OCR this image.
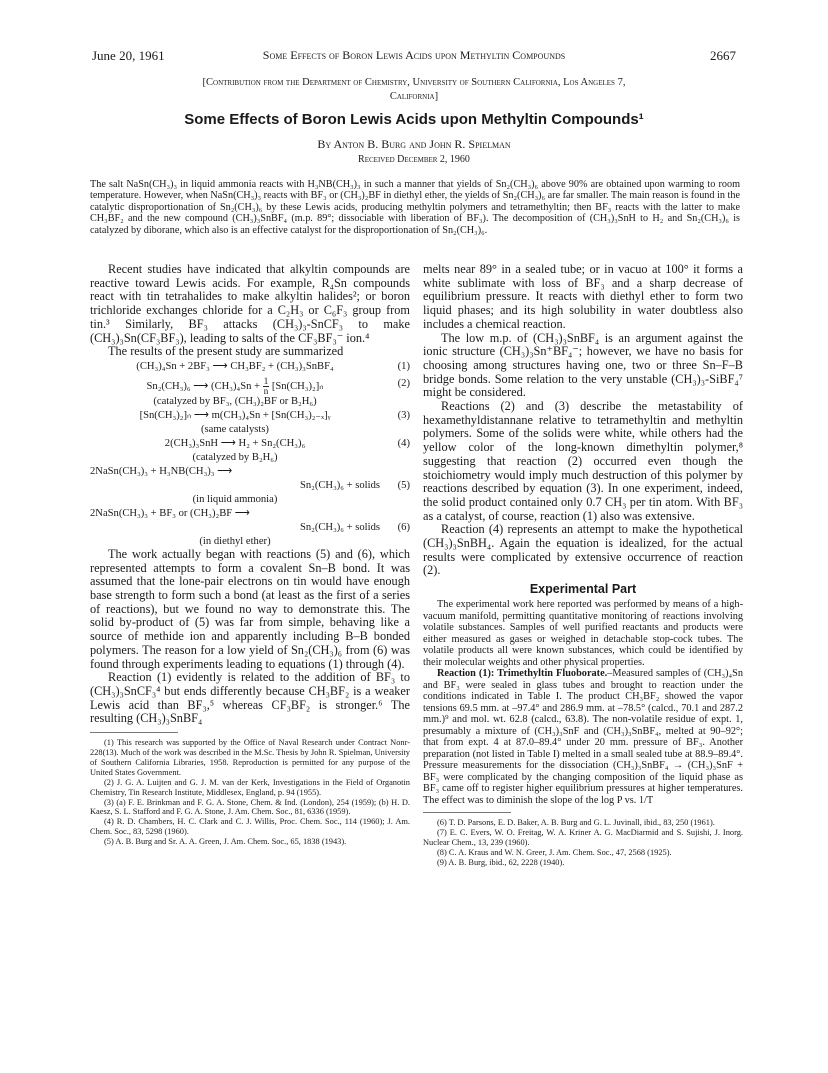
June 20, 1961	Some Effects of Boron Lewis Acids upon Methyltin Compounds	2667
[Contribution from the Department of Chemistry, University of Southern California, Los Angeles 7,
California]
Some Effects of Boron Lewis Acids upon Methyltin Compounds¹
By Anton B. Burg and John R. Spielman
Received December 2, 1960
The salt NaSn(CH₃)₃ in liquid ammonia reacts with H₃NB(CH₃)₃ in such a manner that yields of Sn₂(CH₃)₆ above 90% are obtained upon warming to room temperature. However, when NaSn(CH₃)₃ reacts with BF₃ or (CH₃)₂BF in diethyl ether, the yields of Sn₂(CH₃)₆ are far smaller. The main reason is found in the catalytic disproportionation of Sn₂(CH₃)₆ by these Lewis acids, producing methyltin polymers and tetramethyltin; then BF₃ reacts with the latter to make CH₃BF₂ and the new compound (CH₃)₃SnBF₄ (m.p. 89°; dissociable with liberation of BF₃). The decomposition of (CH₃)₃SnH to H₂ and Sn₂(CH₃)₆ is catalyzed by diborane, which also is an effective catalyst for the disproportionation of Sn₂(CH₃)₆.

Recent studies have indicated that alkyltin compounds are reactive toward Lewis acids. For example, R₄Sn compounds react with tin tetrahalides to make alkyltin halides²; or boron trichloride exchanges chloride for a C₂H₃ or C₆F₃ group from tin.³ Similarly, BF₃ attacks (CH₃)₃-SnCF₃ to make (CH₃)₃Sn(CF₃BF₃), leading to salts of the CF₃BF₃⁻ ion.⁴

The results of the present study are summarized

(CH₃)₄Sn + 2BF₃ ⟶ CH₃BF₂ + (CH₃)₃SnBF₄	(1)
Sn₂(CH₃)₆ ⟶ $(CH_3)_4Sn + \frac{1}{n} [Sn(CH_3)_2]_n$	(2)
(catalyzed by BF₃, (CH₃)₂BF or B₂H₆)
[Sn(CH₃)₂]ₙ ⟶ m(CH₃)₄Sn + [Sn(CH₃)₂₋ₓ]ᵧ	(3)
(same catalysts)
2(CH₃)₃SnH ⟶ H₂ + Sn₂(CH₃)₆	(4)
(catalyzed by B₂H₆)
2NaSn(CH₃)₃ + H₃NB(CH₃)₃ ⟶
Sn₂(CH₃)₆ + solids (5)
(in liquid ammonia)
2NaSn(CH₃)₃ + BF₃ or (CH₃)₂BF ⟶
Sn₂(CH₃)₆ + solids (6)
(in diethyl ether)

The work actually began with reactions (5) and (6), which represented attempts to form a covalent Sn–B bond. It was assumed that the lone-pair electrons on tin would have enough base strength to form such a bond (at least as the first of a series of reactions), but we found no way to demonstrate this. The solid by-product of (5) was far from simple, behaving like a source of methide ion and apparently including B–B bonded polymers. The reason for a low yield of Sn₂(CH₃)₆ from (6) was found through experiments leading to equations (1) through (4).

Reaction (1) evidently is related to the addition of BF₃ to (CH₃)₃SnCF₃⁴ but ends differently because CH₃BF₂ is a weaker Lewis acid than BF₃,⁵ whereas CF₃BF₂ is stronger.⁶ The resulting (CH₃)₃SnBF₄

(1) This research was supported by the Office of Naval Research under Contract Nonr-228(13). Much of the work was described in the M.Sc. Thesis by John R. Spielman, University of Southern California Libraries, 1958. Reproduction is permitted for any purpose of the United States Government.

(2) J. G. A. Luijten and G. J. M. van der Kerk, Investigations in the Field of Organotin Chemistry, Tin Research Institute, Middlesex, England, p. 94 (1955).

(3) (a) F. E. Brinkman and F. G. A. Stone, Chem. & Ind. (London), 254 (1959); (b) H. D. Kaesz, S. L. Stafford and F. G. A. Stone, J. Am. Chem. Soc., 81, 6336 (1959).

(4) R. D. Chambers, H. C. Clark and C. J. Willis, Proc. Chem. Soc., 114 (1960); J. Am. Chem. Soc., 83, 5298 (1960).

(5) A. B. Burg and Sr. A. A. Green, J. Am. Chem. Soc., 65, 1838 (1943).

melts near 89° in a sealed tube; or in vacuo at 100° it forms a white sublimate with loss of BF₃ and a sharp decrease of equilibrium pressure. It reacts with diethyl ether to form two liquid phases; and its high solubility in water doubtless also includes a chemical reaction.

The low m.p. of (CH₃)₃SnBF₄ is an argument against the ionic structure (CH₃)₃Sn⁺BF₄⁻; however, we have no basis for choosing among structures having one, two or three Sn–F–B bridge bonds. Some relation to the very unstable (CH₃)₃-SiBF₄⁷ might be considered.

Reactions (2) and (3) describe the metastability of hexamethyldistannane relative to tetramethyltin and methyltin polymers. Some of the solids were white, while others had the yellow color of the long-known dimethyltin polymer,⁸ suggesting that reaction (2) occurred even though the stoichiometry would imply much destruction of this polymer by reactions described by equation (3). In one experiment, indeed, the solid product contained only 0.7 CH₃ per tin atom. With BF₃ as a catalyst, of course, reaction (1) also was extensive.

Reaction (4) represents an attempt to make the hypothetical (CH₃)₃SnBH₄. Again the equation is idealized, for the actual results were complicated by extensive occurrence of reaction (2).

Experimental Part

The experimental work here reported was performed by means of a high-vacuum manifold, permitting quantitative monitoring of reactions involving volatile substances. Samples of well purified reactants and products were either measured as gases or weighed in detachable stop-cock tubes. The volatile products all were known substances, which could be identified by their molecular weights and other physical properties.

Reaction (1): Trimethyltin Fluoborate.–Measured samples of (CH₃)₄Sn and BF₃ were sealed in glass tubes and brought to reaction under the conditions indicated in Table I. The product CH₃BF₂ showed the vapor tensions 69.5 mm. at –97.4° and 286.9 mm. at –78.5° (calcd., 70.1 and 287.2 mm.)⁹ and mol. wt. 62.8 (calcd., 63.8). The non-volatile residue of expt. 1, presumably a mixture of (CH₃)₃SnF and (CH₃)₃SnBF₄, melted at 90–92°; that from expt. 4 at 87.0–89.4° under 20 mm. pressure of BF₃. Another preparation (not listed in Table I) melted in a small sealed tube at 88.9–89.4°. Pressure measurements for the dissociation (CH₃)₃SnBF₄ → (CH₃)₃SnF + BF₃ were complicated by the changing composition of the liquid phase as BF₃ came off to register higher equilibrium pressures at higher temperatures. The effect was to diminish the slope of the log P vs. 1/T

(6) T. D. Parsons, E. D. Baker, A. B. Burg and G. L. Juvinall, ibid., 83, 250 (1961).

(7) E. C. Evers, W. O. Freitag, W. A. Kriner A. G. MacDiarmid and S. Sujishi, J. Inorg. Nuclear Chem., 13, 239 (1960).

(8) C. A. Kraus and W. N. Greer, J. Am. Chem. Soc., 47, 2568 (1925).

(9) A. B. Burg, ibid., 62, 2228 (1940).
